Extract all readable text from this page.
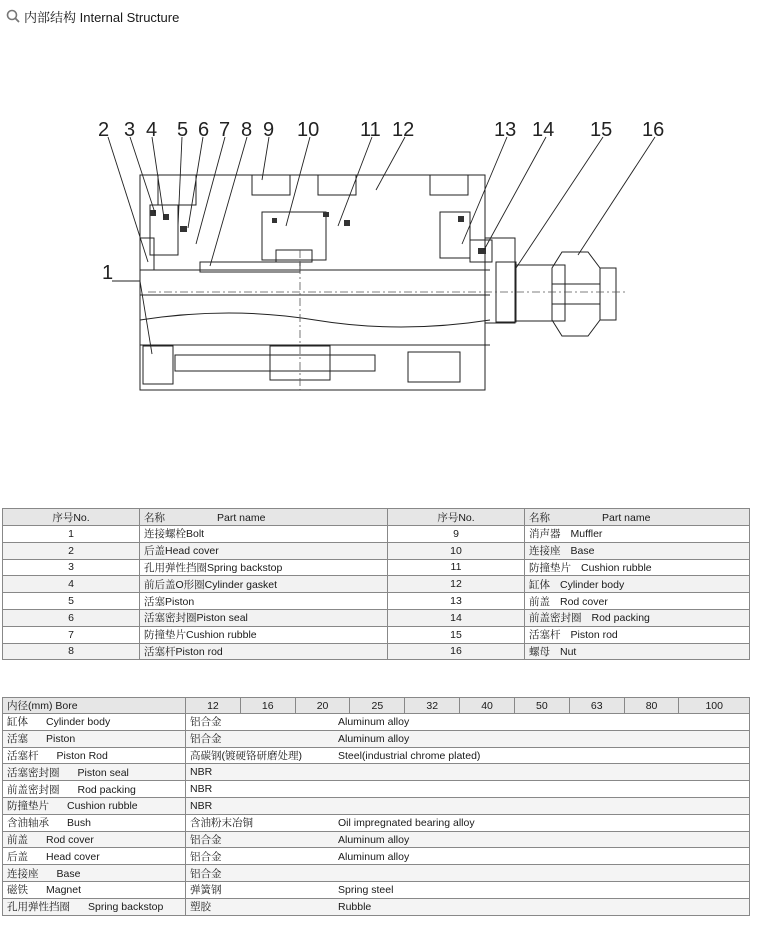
内部结构 Internal Structure
1
2 3 4 5 6 7 8 9 10 11 12	13 14 15 16
序号No.	名称 Part name	序号No.	名称 Part name
1	连接螺栓Bolt	9	消声器 Muffler
2	后盖Head cover	10	连接座 Base
3	孔用弹性挡圈Spring backstop	11	防撞垫片 Cushion rubble
4	前后盖O形圈Cylinder gasket	12	缸体 Cylinder body
5	活塞Piston	13	前盖 Rod cover
6	活塞密封圈Piston seal	14	前盖密封圈 Rod packing
7	防撞垫片Cushion rubble	15	活塞杆 Piston rod
8	活塞杆Piston rod	16	螺母 Nut
内径(mm) Bore	12	16	20	25	32	40	50	63	80	100
缸体 Cylinder body	铝合金 Aluminum alloy									
活塞 Piston	铝合金 Aluminum alloy									
活塞杆 Piston Rod	高碳钢(镀硬铬研磨处理) Steel(industrial chrome plated)									
活塞密封圈 Piston seal	NBR									
前盖密封圈 Rod packing	NBR									
防撞垫片 Cushion rubble	NBR									
含油轴承 Bush	含油粉末冶铜 Oil impregnated bearing alloy									
前盖 Rod cover	铝合金 Aluminum alloy									
后盖 Head cover	铝合金 Aluminum alloy									
连接座 Base	铝合金									
磁铁 Magnet	弹簧钢 Spring steel									
孔用弹性挡圈 Spring backstop	塑胶 Rubble									
